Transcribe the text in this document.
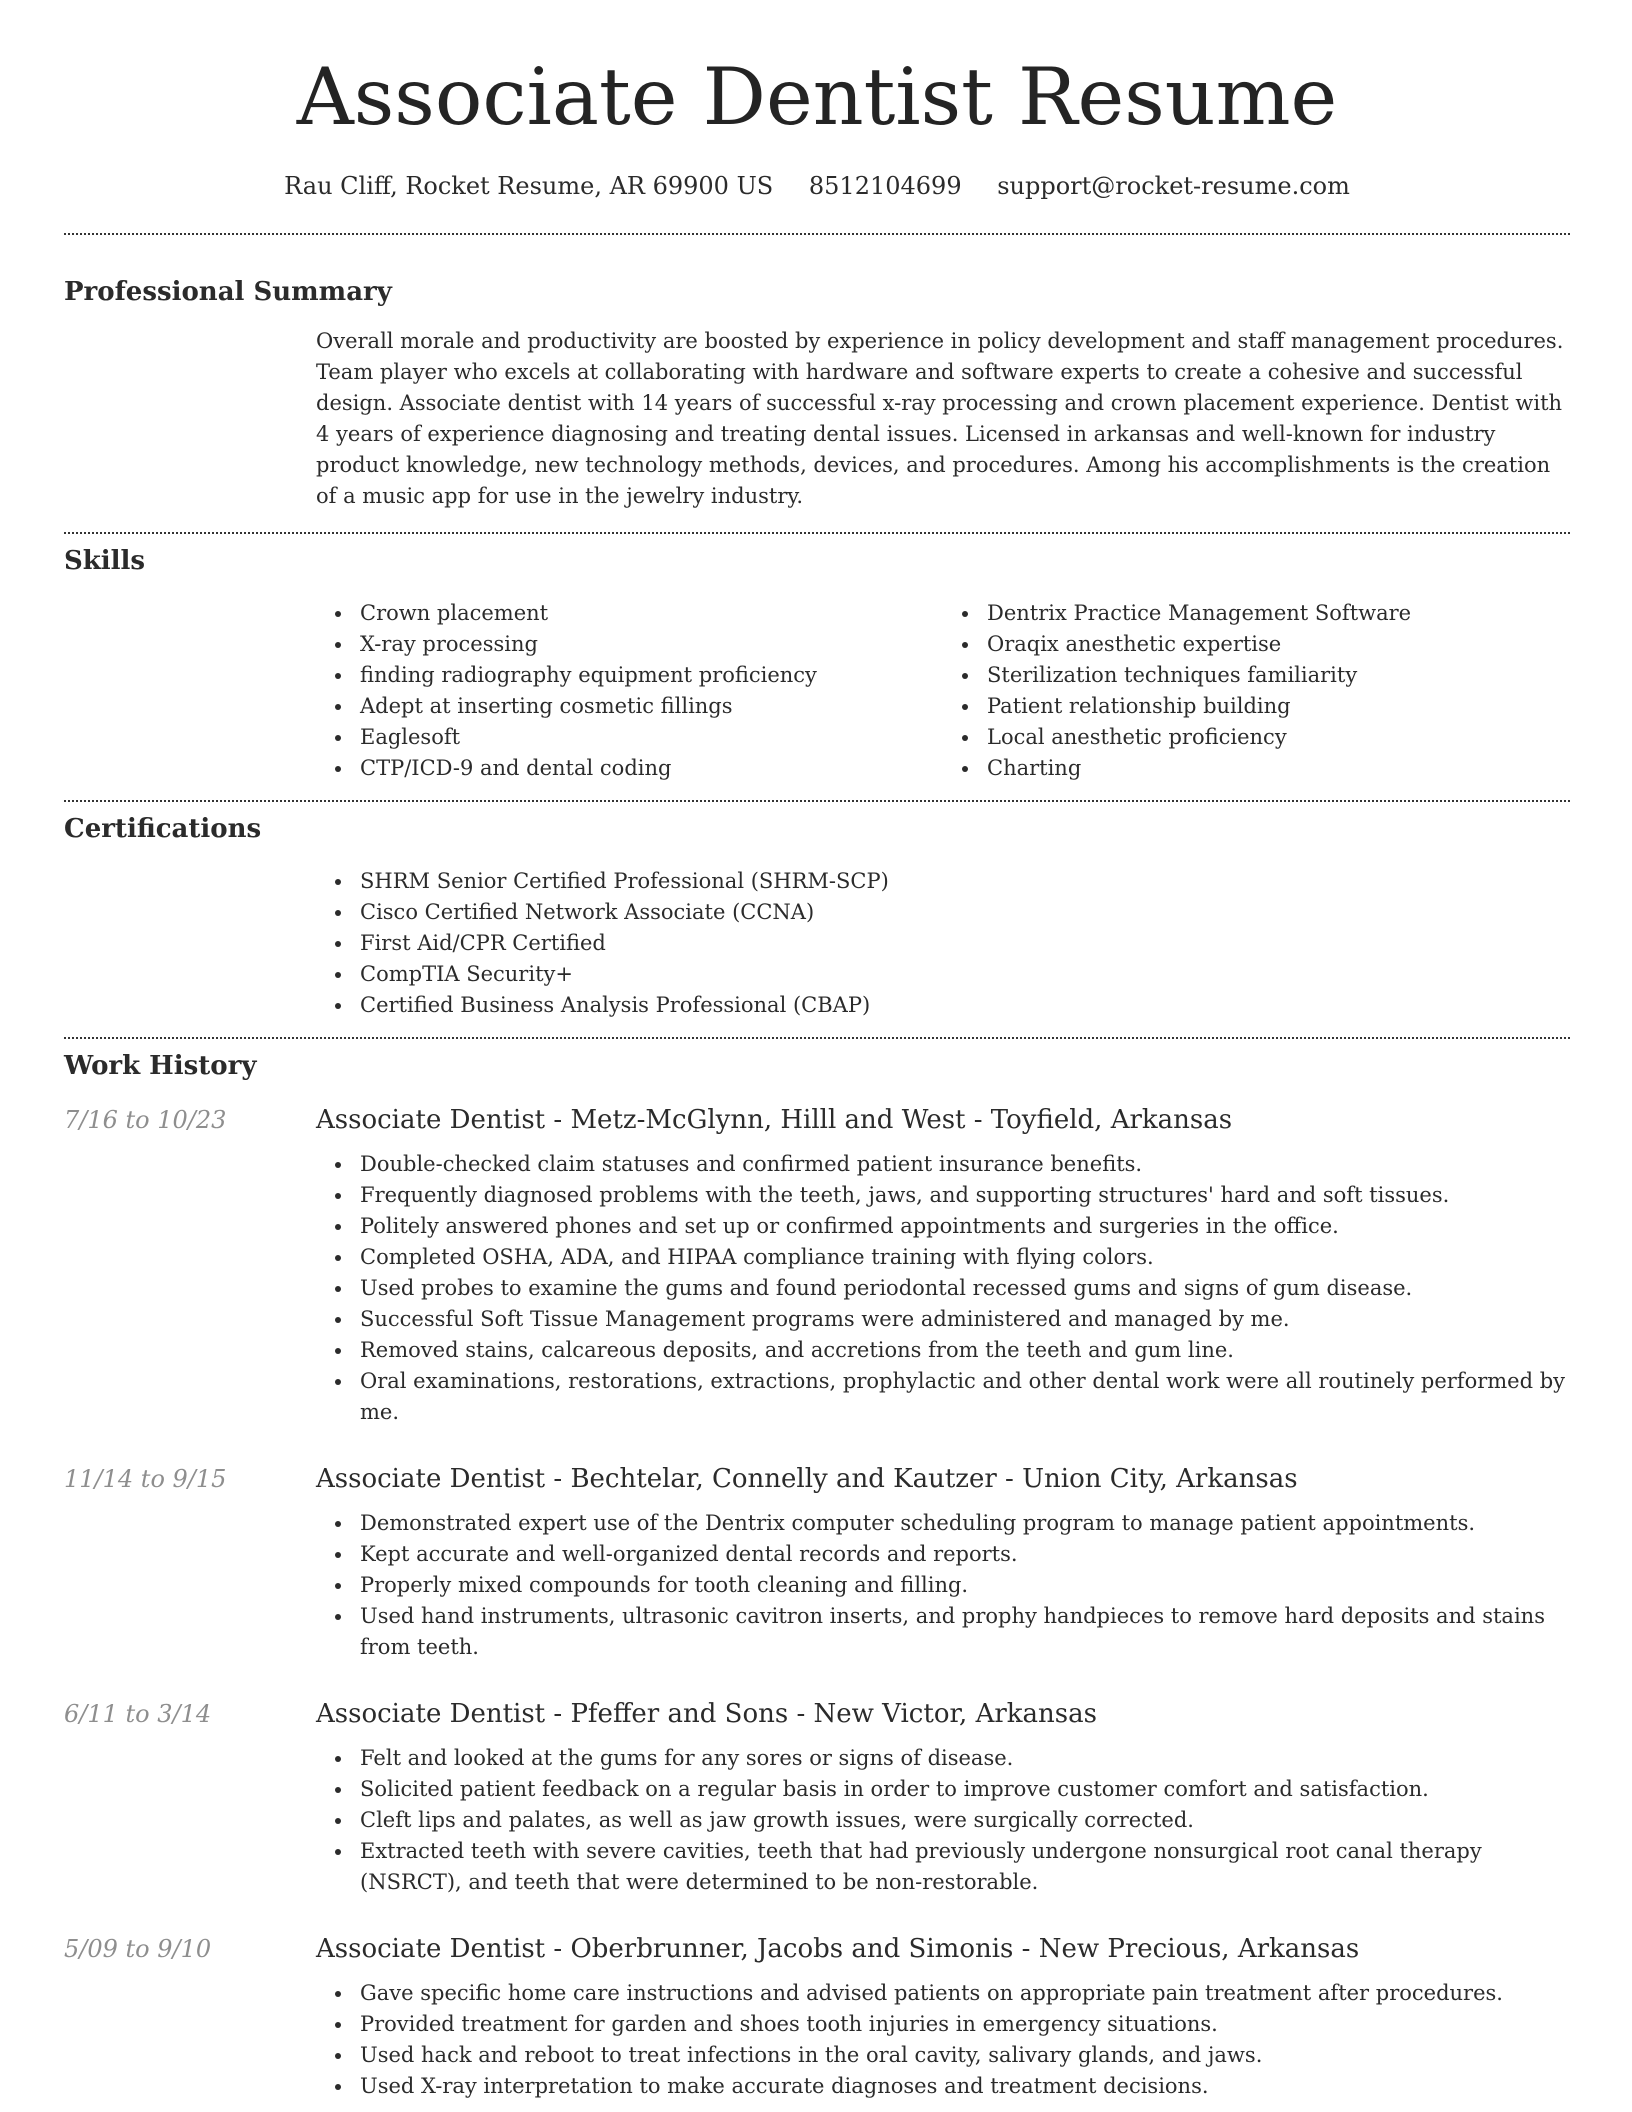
Associate Dentist Resume
Rau Cliff, Rocket Resume, AR 69900 US 8512104699 support@rocket-resume.com
Professional Summary
Overall morale and productivity are boosted by experience in policy development and staff management procedures. Team player who excels at collaborating with hardware and software experts to create a cohesive and successful design. Associate dentist with 14 years of successful x-ray processing and crown placement experience. Dentist with 4 years of experience diagnosing and treating dental issues. Licensed in arkansas and well-known for industry product knowledge, new technology methods, devices, and procedures. Among his accomplishments is the creation of a music app for use in the jewelry industry.
Skills
Crown placement
X-ray processing
finding radiography equipment proficiency
Adept at inserting cosmetic fillings
Eaglesoft
CTP/ICD-9 and dental coding
Dentrix Practice Management Software
Oraqix anesthetic expertise
Sterilization techniques familiarity
Patient relationship building
Local anesthetic proficiency
Charting
Certifications
SHRM Senior Certified Professional (SHRM-SCP)
Cisco Certified Network Associate (CCNA)
First Aid/CPR Certified
CompTIA Security+
Certified Business Analysis Professional (CBAP)
Work History
7/16 to 10/23	Associate Dentist - Metz-McGlynn, Hilll and West - Toyfield, Arkansas
Double-checked claim statuses and confirmed patient insurance benefits.
Frequently diagnosed problems with the teeth, jaws, and supporting structures' hard and soft tissues.
Politely answered phones and set up or confirmed appointments and surgeries in the office.
Completed OSHA, ADA, and HIPAA compliance training with flying colors.
Used probes to examine the gums and found periodontal recessed gums and signs of gum disease.
Successful Soft Tissue Management programs were administered and managed by me.
Removed stains, calcareous deposits, and accretions from the teeth and gum line.
Oral examinations, restorations, extractions, prophylactic and other dental work were all routinely performed by me.
11/14 to 9/15	Associate Dentist - Bechtelar, Connelly and Kautzer - Union City, Arkansas
Demonstrated expert use of the Dentrix computer scheduling program to manage patient appointments.
Kept accurate and well-organized dental records and reports.
Properly mixed compounds for tooth cleaning and filling.
Used hand instruments, ultrasonic cavitron inserts, and prophy handpieces to remove hard deposits and stains from teeth.
6/11 to 3/14	Associate Dentist - Pfeffer and Sons - New Victor, Arkansas
Felt and looked at the gums for any sores or signs of disease.
Solicited patient feedback on a regular basis in order to improve customer comfort and satisfaction.
Cleft lips and palates, as well as jaw growth issues, were surgically corrected.
Extracted teeth with severe cavities, teeth that had previously undergone nonsurgical root canal therapy (NSRCT), and teeth that were determined to be non-restorable.
5/09 to 9/10	Associate Dentist - Oberbrunner, Jacobs and Simonis - New Precious, Arkansas
Gave specific home care instructions and advised patients on appropriate pain treatment after procedures.
Provided treatment for garden and shoes tooth injuries in emergency situations.
Used hack and reboot to treat infections in the oral cavity, salivary glands, and jaws.
Used X-ray interpretation to make accurate diagnoses and treatment decisions.
